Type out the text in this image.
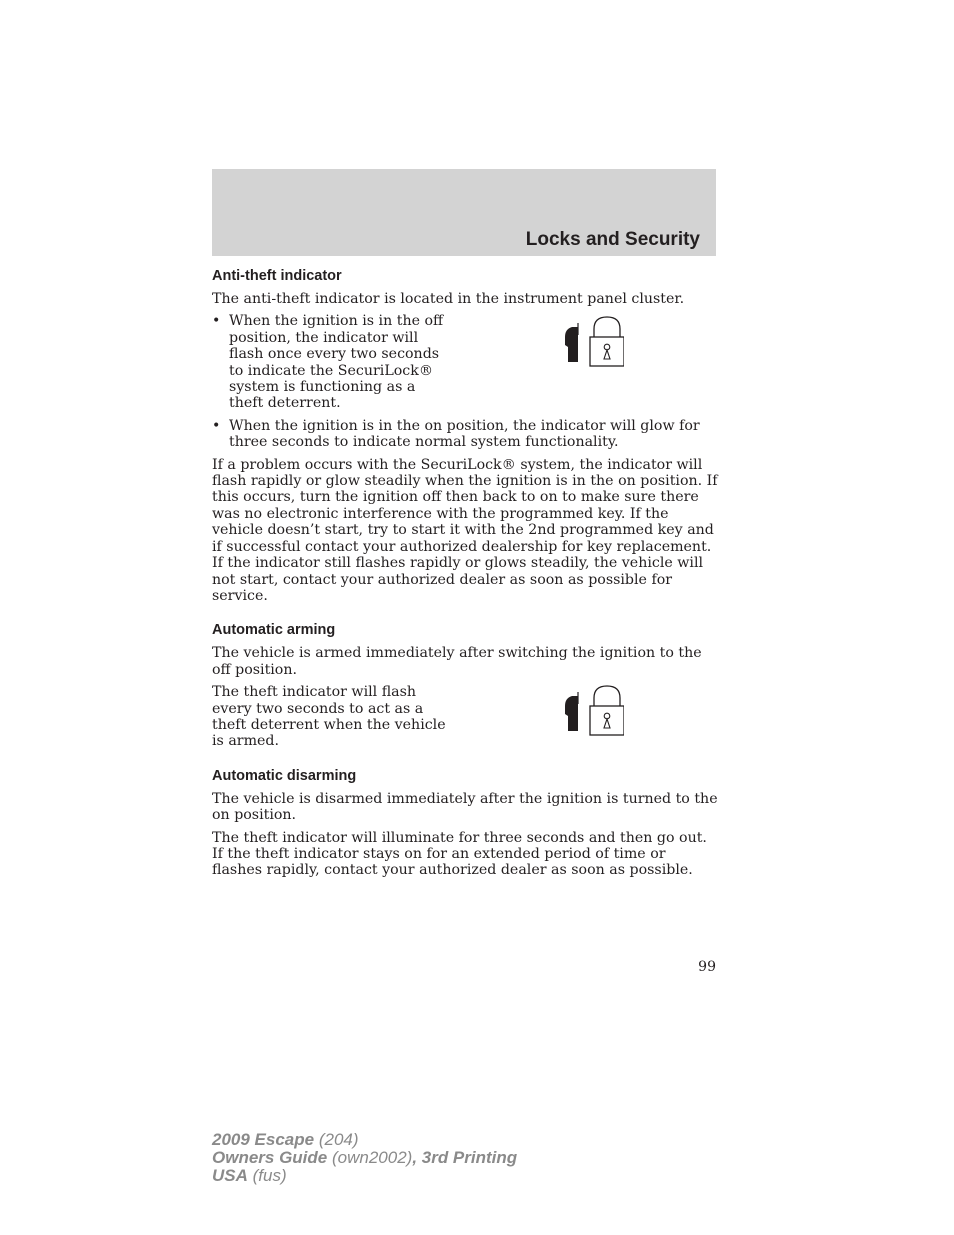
Locks and Security
Anti-theft indicator

The anti-theft indicator is located in the instrument panel cluster.

• When the ignition is in the off position, the indicator will flash once every two seconds to indicate the SecuriLock® system is functioning as a theft deterrent.
• When the ignition is in the on position, the indicator will glow for three seconds to indicate normal system functionality.

If a problem occurs with the SecuriLock® system, the indicator will flash rapidly or glow steadily when the ignition is in the on position. If this occurs, turn the ignition off then back to on to make sure there was no electronic interference with the programmed key. If the vehicle doesn’t start, try to start it with the 2nd programmed key and if successful contact your authorized dealership for key replacement. If the indicator still flashes rapidly or glows steadily, the vehicle will not start, contact your authorized dealer as soon as possible for service.

Automatic arming

The vehicle is armed immediately after switching the ignition to the off position.

The theft indicator will flash every two seconds to act as a theft deterrent when the vehicle is armed.

Automatic disarming

The vehicle is disarmed immediately after the ignition is turned to the on position.

The theft indicator will illuminate for three seconds and then go out. If the theft indicator stays on for an extended period of time or flashes rapidly, contact your authorized dealer as soon as possible.

99
2009 Escape (204)
Owners Guide (own2002), 3rd Printing
USA (fus)
